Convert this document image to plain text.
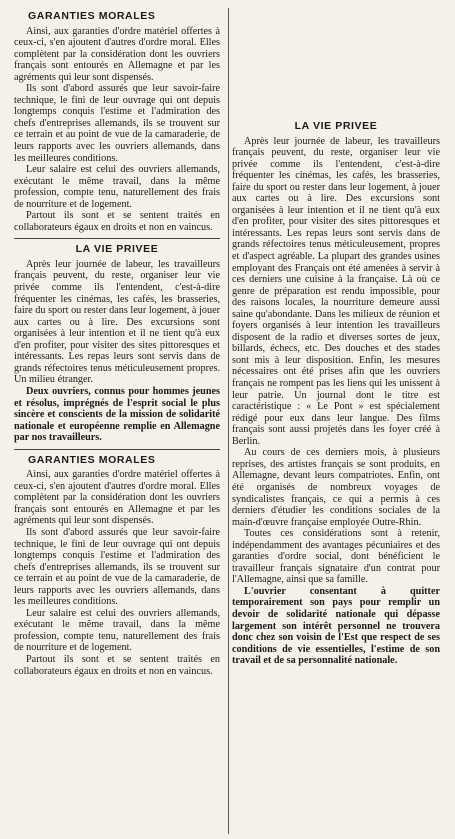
GARANTIES MORALES

Ainsi, aux garanties d'ordre matériel offertes à ceux-ci, s'en ajoutent d'autres d'ordre moral. Elles complètent par la considération dont les ouvriers français sont entourés en Allemagne et par les agréments qui leur sont dispensés.

Ils sont d'abord assurés que leur savoir-faire technique, le fini de leur ouvrage qui ont depuis longtemps conquis l'estime et l'admiration des chefs d'entreprises allemands, ils se trouvent sur ce terrain et au point de vue de la camaraderie, de leurs rapports avec les ouvriers allemands, dans les meilleures conditions.

Leur salaire est celui des ouvriers allemands, exécutant le même travail, dans la même profession, compte tenu, naturellement des frais de nourriture et de logement.

Partout ils sont et se sentent traités en collaborateurs égaux en droits et non en vaincus.

LA VIE PRIVEE

Après leur journée de labeur, les travailleurs français peuvent, du reste, organiser leur vie privée comme ils l'entendent, c'est-à-dire fréquenter les cinémas, les cafés, les brasseries, faire du sport ou rester dans leur logement, à jouer aux cartes ou à lire. Des excursions sont organisées à leur intention et il ne tient qu'à eux d'en profiter, pour visiter des sites pittoresques et intéressants. Les repas leurs sont servis dans de grands réfectoires tenus méticuleusement propres. Un milieu étranger.

Deux ouvriers, connus pour hommes jeunes et résolus, imprégnés de l'esprit social le plus sincère et conscients de la mission de solidarité nationale et européenne remplie en Allemagne par nos travailleurs.

GARANTIES MORALES

Ainsi, aux garanties d'ordre matériel offertes à ceux-ci, s'en ajoutent d'autres d'ordre moral. Elles complètent par la considération dont les ouvriers français sont entourés en Allemagne et par les agréments qui leur sont dispensés.

Ils sont d'abord assurés que leur savoir-faire technique, le fini de leur ouvrage qui ont depuis longtemps conquis l'estime et l'admiration des chefs d'entreprises allemands, ils se trouvent sur ce terrain et au point de vue de la camaraderie, de leurs rapports avec les ouvriers allemands, dans les meilleures conditions.

Leur salaire est celui des ouvriers allemands, exécutant le même travail, dans la même profession, compte tenu, naturellement des frais de nourriture et de logement.

Partout ils sont et se sentent traités en collaborateurs égaux en droits et non en vaincus.

LA VIE PRIVEE

Après leur journée de labeur, les travailleurs français peuvent, du reste, organiser leur vie privée comme ils l'entendent, c'est-à-dire fréquenter les cinémas, les cafés, les brasseries, faire du sport ou rester dans leur logement, à jouer aux cartes ou à lire. Des excursions sont organisées à leur intention et il ne tient qu'à eux d'en profiter, pour visiter des sites pittoresques et intéressants. Les repas leurs sont servis dans de grands réfectoires tenus méticuleusement, propres et d'aspect agréable. La plupart des grandes usines employant des Français ont été amenées à servir à ces derniers une cuisine à la française. Là où ce genre de préparation est rendu impossible, pour des raisons locales, la nourriture demeure aussi saine qu'abondante. Dans les milieux de réunion et foyers organisés à leur intention les travailleurs disposent de la radio et diverses sortes de jeux, billards, échecs, etc. Des douches et des stades sont mis à leur disposition. Enfin, les mesures nécessaires ont été prises afin que les ouvriers français ne rompent pas les liens qui les unissent à leur patrie. Un journal dont le titre est caractéristique : « Le Pont » est spécialement rédigé pour eux dans leur langue. Des films français sont aussi projetés dans les foyer créé à Berlin.

Au cours de ces derniers mois, à plusieurs reprises, des artistes français se sont produits, en Allemagne, devant leurs compatriotes. Enfin, ont été organisés de nombreux voyages de syndicalistes français, ce qui a permis à ces derniers d'étudier les conditions sociales de la main-d'œuvre française employée Outre-Rhin.

Toutes ces considérations sont à retenir, indépendamment des avantages pécuniaires et des garanties d'ordre social, dont bénéficient le travailleur français signataire d'un contrat pour l'Allemagne, ainsi que sa famille.

L'ouvrier consentant à quitter temporairement son pays pour remplir un devoir de solidarité nationale qui dépasse largement son intérêt personnel ne trouvera donc chez son voisin de l'Est que respect de ses conditions de vie essentielles, l'estime de son travail et de sa personnalité nationale.
